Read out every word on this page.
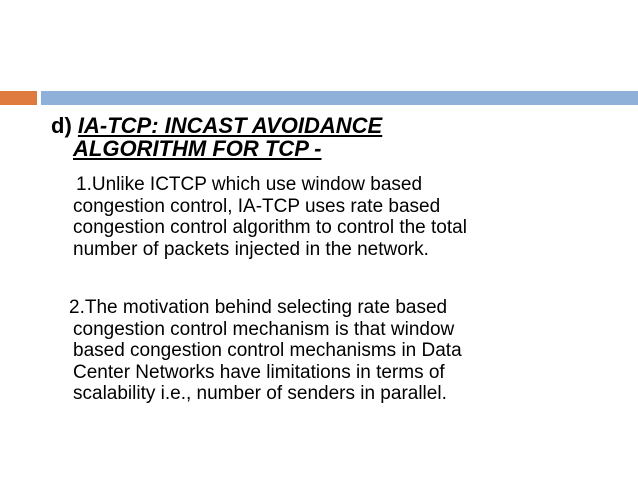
d) IA-TCP: INCAST AVOIDANCE
ALGORITHM FOR TCP -

1.Unlike ICTCP which use window based
congestion control, IA-TCP uses rate based
congestion control algorithm to control the total
number of packets injected in the network.

2.The motivation behind selecting rate based
congestion control mechanism is that window
based congestion control mechanisms in Data
Center Networks have limitations in terms of
scalability i.e., number of senders in parallel.
